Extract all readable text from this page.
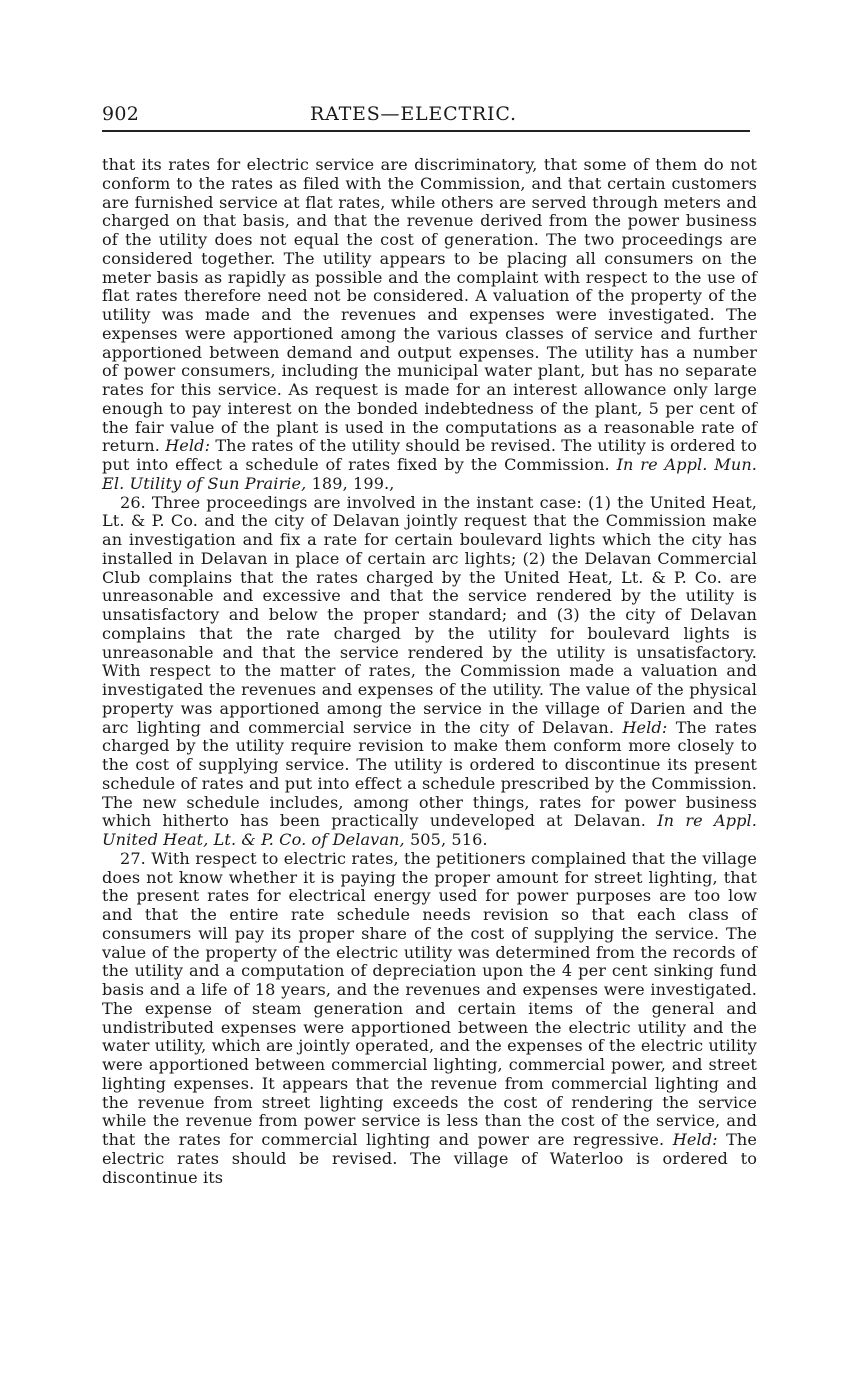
902	RATES—ELECTRIC.

that its rates for electric service are discriminatory, that some of them do not conform to the rates as filed with the Commission, and that certain customers are furnished service at flat rates, while others are served through meters and charged on that basis, and that the revenue derived from the power business of the utility does not equal the cost of generation. The two proceedings are considered together. The utility appears to be placing all consumers on the meter basis as rapidly as possible and the complaint with respect to the use of flat rates therefore need not be considered. A valuation of the property of the utility was made and the revenues and expenses were investigated. The expenses were apportioned among the various classes of service and further apportioned between demand and output expenses. The utility has a number of power consumers, including the municipal water plant, but has no separate rates for this service. As request is made for an interest allowance only large enough to pay interest on the bonded indebtedness of the plant, 5 per cent of the fair value of the plant is used in the computations as a reasonable rate of return. Held: The rates of the utility should be revised. The utility is ordered to put into effect a schedule of rates fixed by the Commission. In re Appl. Mun. El. Utility of Sun Prairie, 189, 199.,

26. Three proceedings are involved in the instant case: (1) the United Heat, Lt. & P. Co. and the city of Delavan jointly request that the Commission make an investigation and fix a rate for certain boulevard lights which the city has installed in Delavan in place of certain arc lights; (2) the Delavan Commercial Club complains that the rates charged by the United Heat, Lt. & P. Co. are unreasonable and excessive and that the service rendered by the utility is unsatisfactory and below the proper standard; and (3) the city of Delavan complains that the rate charged by the utility for boulevard lights is unreasonable and that the service rendered by the utility is unsatisfactory. With respect to the matter of rates, the Commission made a valuation and investigated the revenues and expenses of the utility. The value of the physical property was apportioned among the service in the village of Darien and the arc lighting and commercial service in the city of Delavan. Held: The rates charged by the utility require revision to make them conform more closely to the cost of supplying service. The utility is ordered to discontinue its present schedule of rates and put into effect a schedule prescribed by the Commission. The new schedule includes, among other things, rates for power business which hitherto has been practically undeveloped at Delavan. In re Appl. United Heat, Lt. & P. Co. of Delavan, 505, 516.

27. With respect to electric rates, the petitioners complained that the village does not know whether it is paying the proper amount for street lighting, that the present rates for electrical energy used for power purposes are too low and that the entire rate schedule needs revision so that each class of consumers will pay its proper share of the cost of supplying the service. The value of the property of the electric utility was determined from the records of the utility and a computation of depreciation upon the 4 per cent sinking fund basis and a life of 18 years, and the revenues and expenses were investigated. The expense of steam generation and certain items of the general and undistributed expenses were apportioned between the electric utility and the water utility, which are jointly operated, and the expenses of the electric utility were apportioned between commercial lighting, commercial power, and street lighting expenses. It appears that the revenue from commercial lighting and the revenue from street lighting exceeds the cost of rendering the service while the revenue from power service is less than the cost of the service, and that the rates for commercial lighting and power are regressive. Held: The electric rates should be revised. The village of Waterloo is ordered to discontinue its
